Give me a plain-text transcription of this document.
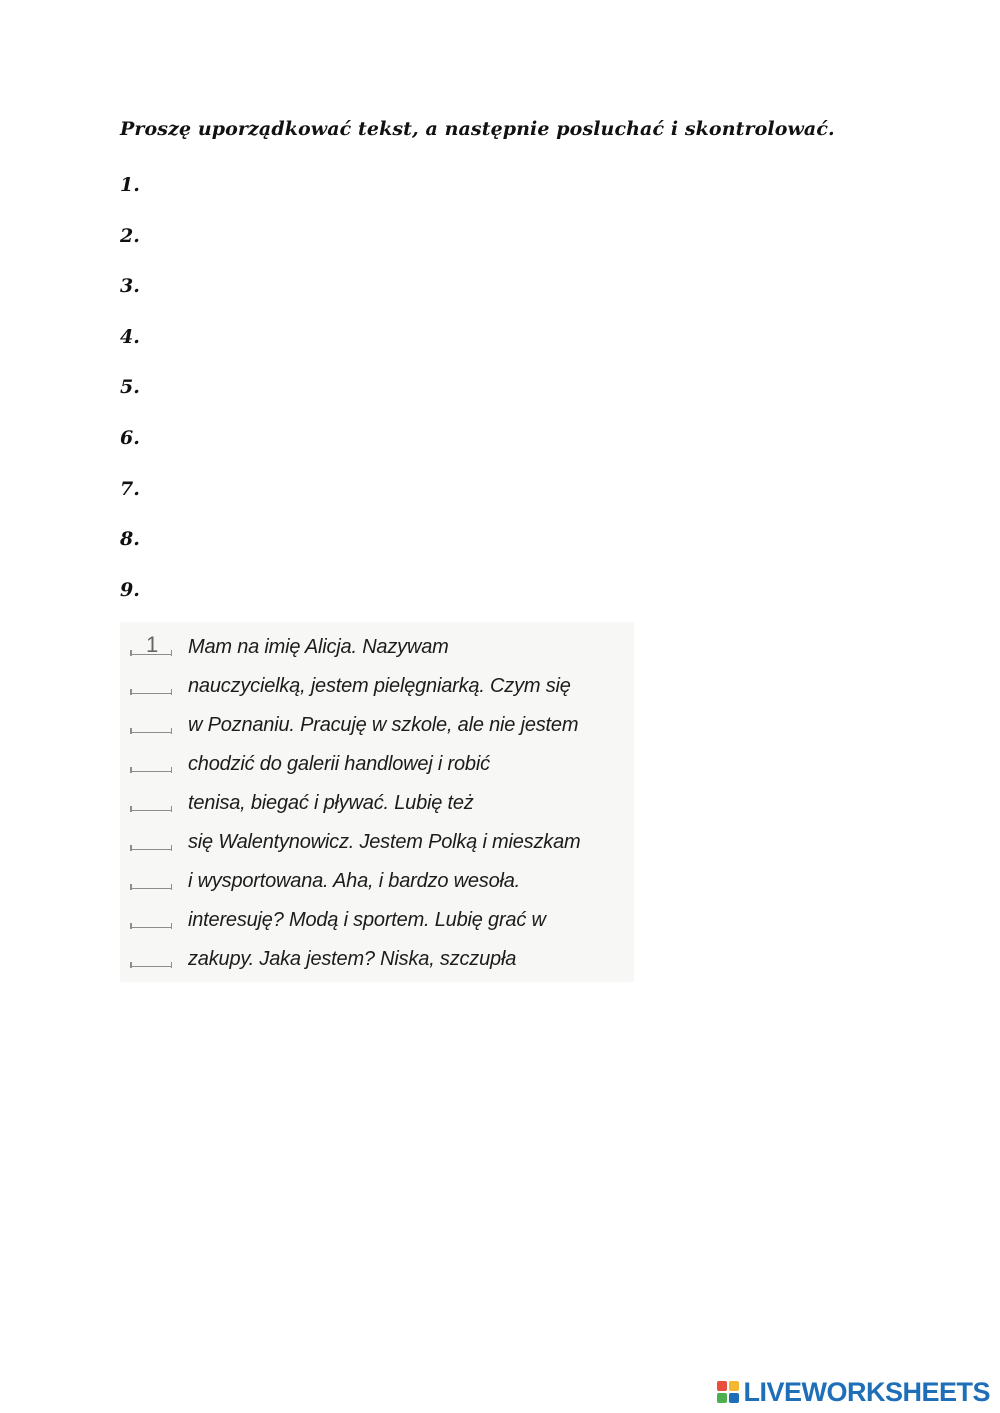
Proszę uporządkować tekst, a następnie posluchać i skontrolować.
1.
2.
3.
4.
5.
6.
7.
8.
9.
1 Mam na imię Alicja. Nazywam
nauczycielką, jestem pielęgniarką. Czym się
w Poznaniu. Pracuję w szkole, ale nie jestem
chodzić do galerii handlowej i robić
tenisa, biegać i pływać. Lubię też
się Walentynowicz. Jestem Polką i mieszkam
i wysportowana. Aha, i bardzo wesoła.
interesuję? Modą i sportem. Lubię grać w
zakupy. Jaka jestem? Niska, szczupła
LIVEWORKSHEETS
